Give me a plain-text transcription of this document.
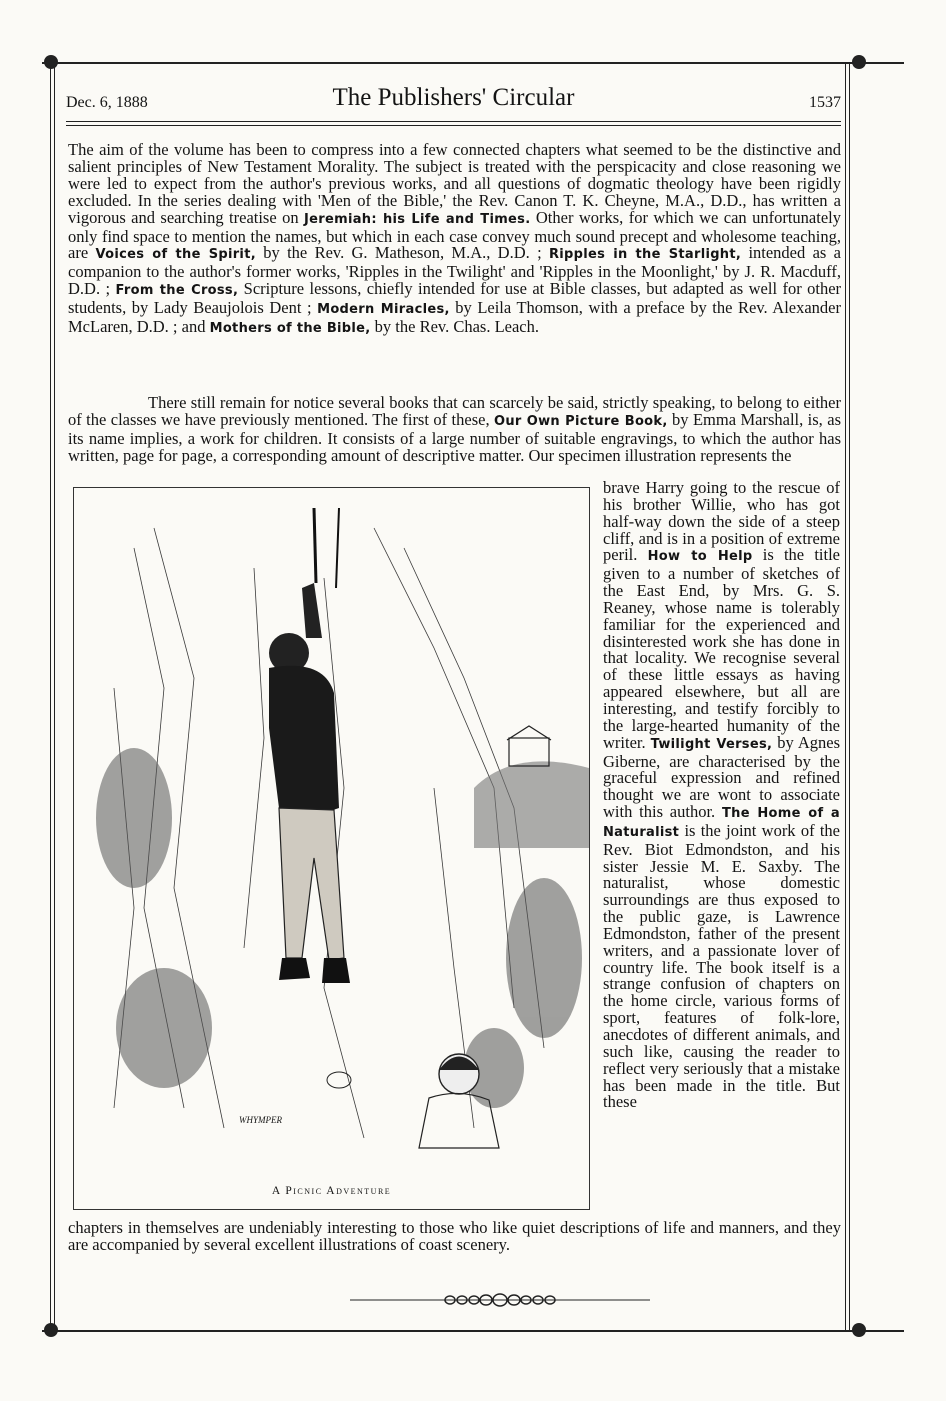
Dec. 6, 1888	The Publishers' Circular	1537

The aim of the volume has been to compress into a few connected chapters what seemed to be the distinctive and salient principles of New Testament Morality. The subject is treated with the perspicacity and close reasoning we were led to expect from the author's previous works, and all questions of dogmatic theology have been rigidly excluded. In the series dealing with 'Men of the Bible,' the Rev. Canon T. K. Cheyne, M.A., D.D., has written a vigorous and searching treatise on Jeremiah: his Life and Times. Other works, for which we can unfortunately only find space to mention the names, but which in each case convey much sound precept and wholesome teaching, are Voices of the Spirit, by the Rev. G. Matheson, M.A., D.D. ; Ripples in the Starlight, intended as a companion to the author's former works, 'Ripples in the Twilight' and 'Ripples in the Moonlight,' by J. R. Macduff, D.D. ; From the Cross, Scripture lessons, chiefly intended for use at Bible classes, but adapted as well for other students, by Lady Beaujolois Dent ; Modern Miracles, by Leila Thomson, with a preface by the Rev. Alexander McLaren, D.D. ; and Mothers of the Bible, by the Rev. Chas. Leach.

There still remain for notice several books that can scarcely be said, strictly speaking, to belong to either of the classes we have previously mentioned. The first of these, Our Own Picture Book, by Emma Marshall, is, as its name implies, a work for children. It consists of a large number of suitable engravings, to which the author has written, page for page, a corresponding amount of descriptive matter. Our specimen illustration represents the

WHYMPER
A Picnic Adventure

brave Harry going to the rescue of his brother Willie, who has got half-way down the side of a steep cliff, and is in a position of extreme peril. How to Help is the title given to a number of sketches of the East End, by Mrs. G. S. Reaney, whose name is tolerably familiar for the experienced and disinterested work she has done in that locality. We recognise several of these little essays as having appeared elsewhere, but all are interesting, and testify forcibly to the large-hearted humanity of the writer. Twilight Verses, by Agnes Giberne, are characterised by the graceful expression and refined thought we are wont to associate with this author. The Home of a Naturalist is the joint work of the Rev. Biot Edmondston, and his sister Jessie M. E. Saxby. The naturalist, whose domestic surroundings are thus exposed to the public gaze, is Lawrence Edmondston, father of the present writers, and a passionate lover of country life. The book itself is a strange confusion of chapters on the home circle, various forms of sport, features of folk-lore, anecdotes of different animals, and such like, causing the reader to reflect very seriously that a mistake has been made in the title. But these

chapters in themselves are undeniably interesting to those who like quiet descriptions of life and manners, and they are accompanied by several excellent illustrations of coast scenery.
